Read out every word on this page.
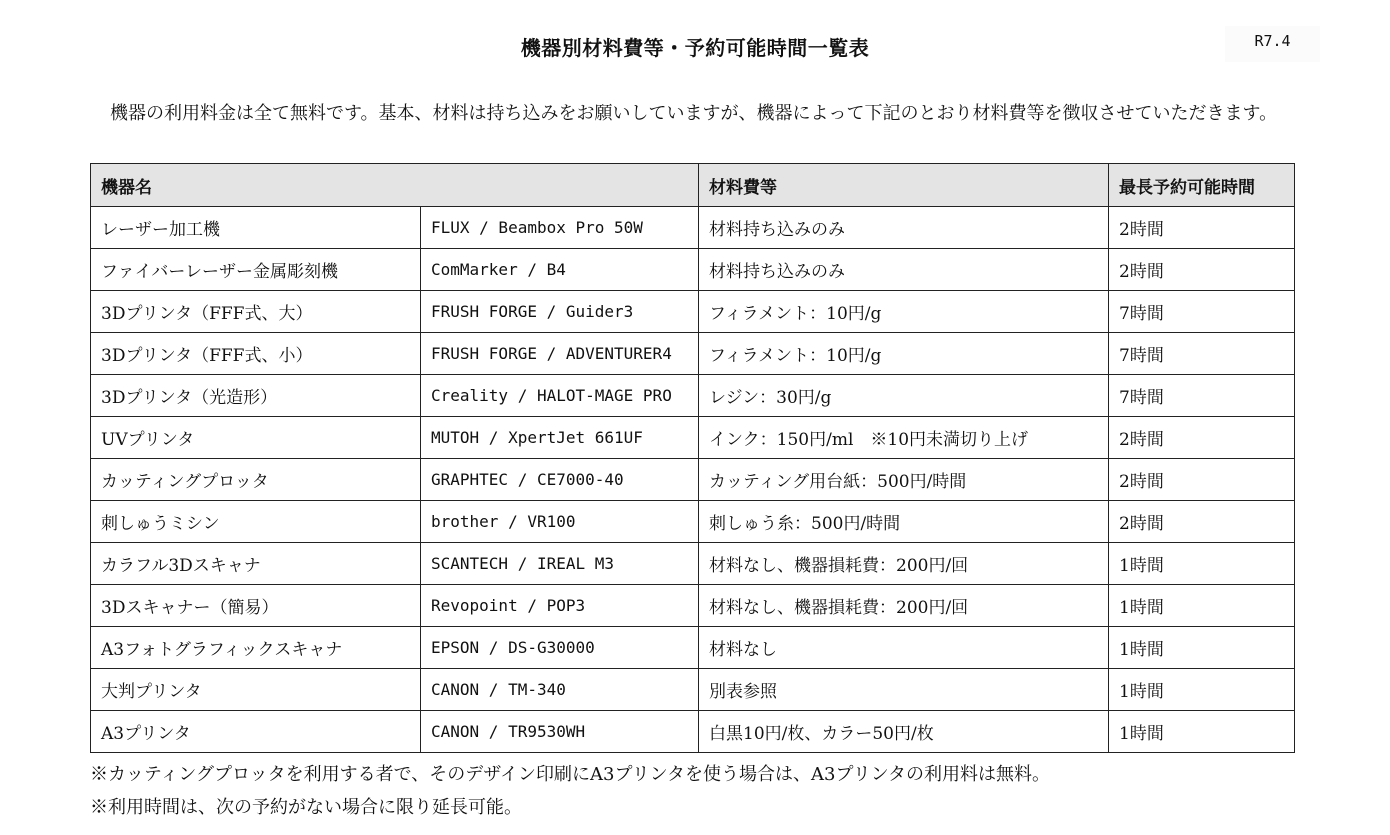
機器別材料費等・予約可能時間一覧表	R7.4
機器の利用料金は全て無料です。基本、材料は持ち込みをお願いしていますが、機器によって下記のとおり材料費等を徴収させていただきます。
機器名		材料費等	最長予約可能時間
レーザー加工機	FLUX / Beambox Pro 50W	材料持ち込みのみ	2時間
ファイバーレーザー金属彫刻機	ComMarker / B4	材料持ち込みのみ	2時間
3Dプリンタ（FFF式、大）	FRUSH FORGE / Guider3	フィラメント：10円/g	7時間
3Dプリンタ（FFF式、小）	FRUSH FORGE / ADVENTURER4	フィラメント：10円/g	7時間
3Dプリンタ（光造形）	Creality / HALOT-MAGE PRO	レジン：30円/g	7時間
UVプリンタ	MUTOH / XpertJet 661UF	インク：150円/ml　※10円未満切り上げ	2時間
カッティングプロッタ	GRAPHTEC / CE7000-40	カッティング用台紙：500円/時間	2時間
刺しゅうミシン	brother / VR100	刺しゅう糸：500円/時間	2時間
カラフル3Dスキャナ	SCANTECH / IREAL M3	材料なし、機器損耗費：200円/回	1時間
3Dスキャナー（簡易）	Revopoint / POP3	材料なし、機器損耗費：200円/回	1時間
A3フォトグラフィックスキャナ	EPSON / DS-G30000	材料なし	1時間
大判プリンタ	CANON / TM-340	別表参照	1時間
A3プリンタ	CANON / TR9530WH	白黒10円/枚、カラー50円/枚	1時間
※カッティングプロッタを利用する者で、そのデザイン印刷にA3プリンタを使う場合は、A3プリンタの利用料は無料。
※利用時間は、次の予約がない場合に限り延長可能。
